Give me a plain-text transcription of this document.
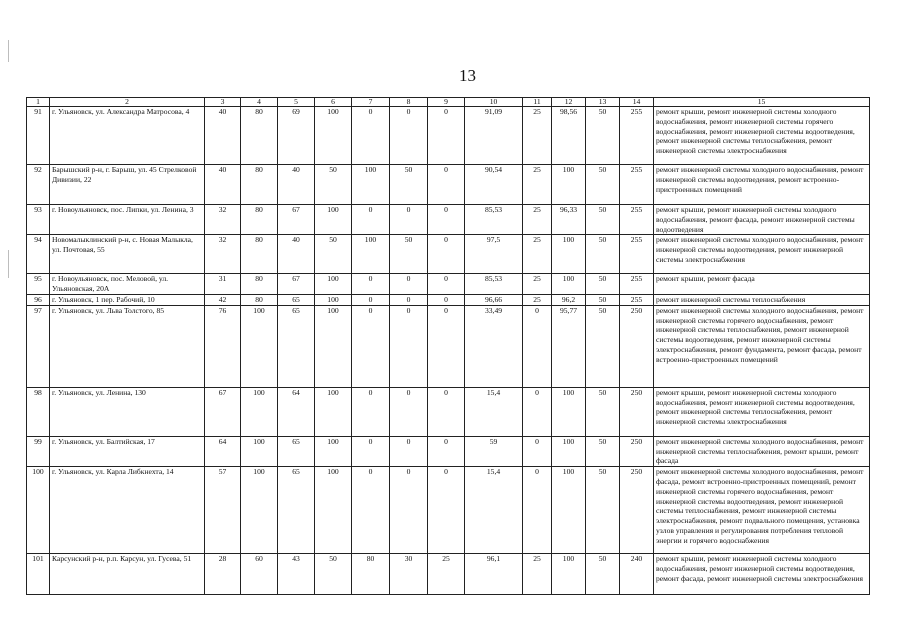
13
1	2	3	4	5	6	7	8	9	10	11	12	13	14	15
91	г. Ульяновск, ул. Александра Матросова, 4	40	80	69	100	0	0	0	91,09	25	98,56	50	255	ремонт крыши, ремонт инженерной системы холодного водоснабжения, ремонт инженерной системы горячего водоснабжения, ремонт инженерной системы водоотведения, ремонт инженерной системы теплоснабжения, ремонт инженерной системы электроснабжения
92	Барышский р-н, г. Барыш, ул. 45 Стрелковой Дивизии, 22	40	80	40	50	100	50	0	90,54	25	100	50	255	ремонт инженерной системы холодного водоснабжения, ремонт инженерной системы водоотведения, ремонт встроенно-пристроенных помещений
93	г. Новоульяновск, пос. Липки, ул. Ленина, 3	32	80	67	100	0	0	0	85,53	25	96,33	50	255	ремонт крыши, ремонт инженерной системы холодного водоснабжения, ремонт фасада, ремонт инженерной системы водоотведения
94	Новомалыклинский р-н, с. Новая Малыкла, ул. Почтовая, 55	32	80	40	50	100	50	0	97,5	25	100	50	255	ремонт инженерной системы холодного водоснабжения, ремонт инженерной системы водоотведения, ремонт инженерной системы электроснабжения
95	г. Новоульяновск, пос. Меловой, ул. Ульяновская, 20А	31	80	67	100	0	0	0	85,53	25	100	50	255	ремонт крыши, ремонт фасада
96	г. Ульяновск, 1 пер. Рабочий, 10	42	80	65	100	0	0	0	96,66	25	96,2	50	255	ремонт инженерной системы теплоснабжения
97	г. Ульяновск, ул. Льва Толстого, 85	76	100	65	100	0	0	0	33,49	0	95,77	50	250	ремонт инженерной системы холодного водоснабжения, ремонт инженерной системы горячего водоснабжения, ремонт инженерной системы теплоснабжения, ремонт инженерной системы водоотведения, ремонт инженерной системы электроснабжения, ремонт фундамента, ремонт фасада, ремонт встроенно-пристроенных помещений
98	г. Ульяновск, ул. Ленина, 130	67	100	64	100	0	0	0	15,4	0	100	50	250	ремонт крыши, ремонт инженерной системы холодного водоснабжения, ремонт инженерной системы водоотведения, ремонт инженерной системы теплоснабжения, ремонт инженерной системы электроснабжения
99	г. Ульяновск, ул. Балтийская, 17	64	100	65	100	0	0	0	59	0	100	50	250	ремонт инженерной системы холодного водоснабжения, ремонт инженерной системы теплоснабжения, ремонт крыши, ремонт фасада
100	г. Ульяновск, ул. Карла Либкнехта, 14	57	100	65	100	0	0	0	15,4	0	100	50	250	ремонт инженерной системы холодного водоснабжения, ремонт фасада, ремонт встроенно-пристроенных помещений, ремонт инженерной системы горячего водоснабжения, ремонт инженерной системы водоотведения, ремонт инженерной системы теплоснабжения, ремонт инженерной системы электроснабжения, ремонт подвального помещения, установка узлов управления и регулирования потребления тепловой энергии и горячего водоснабжения
101	Карсунский р-н, р.п. Карсун, ул. Гусева, 51	28	60	43	50	80	30	25	96,1	25	100	50	240	ремонт крыши, ремонт инженерной системы холодного водоснабжения, ремонт инженерной системы водоотведения, ремонт фасада, ремонт инженерной системы электроснабжения
